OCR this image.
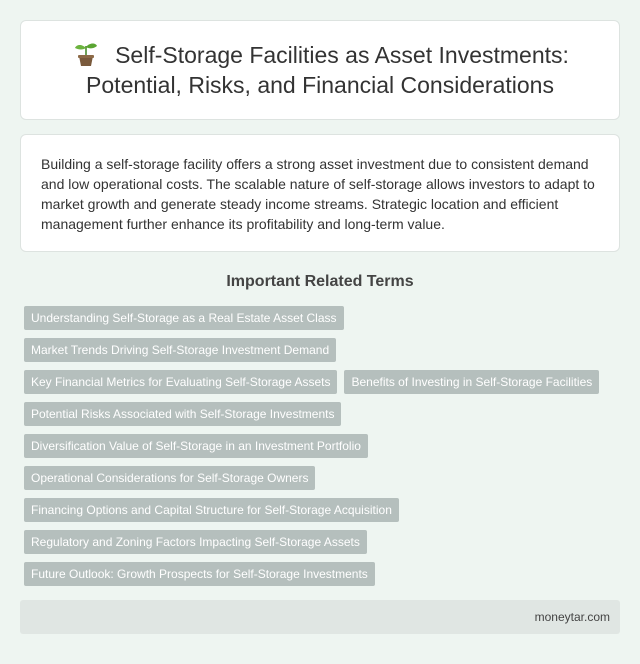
Self-Storage Facilities as Asset Investments: Potential, Risks, and Financial Considerations

Building a self-storage facility offers a strong asset investment due to consistent demand and low operational costs. The scalable nature of self-storage allows investors to adapt to market growth and generate steady income streams. Strategic location and efficient management further enhance its profitability and long-term value.

Important Related Terms
Understanding Self-Storage as a Real Estate Asset Class
Market Trends Driving Self-Storage Investment Demand
Key Financial Metrics for Evaluating Self-Storage Assets	Benefits of Investing in Self-Storage Facilities
Potential Risks Associated with Self-Storage Investments
Diversification Value of Self-Storage in an Investment Portfolio
Operational Considerations for Self-Storage Owners
Financing Options and Capital Structure for Self-Storage Acquisition
Regulatory and Zoning Factors Impacting Self-Storage Assets
Future Outlook: Growth Prospects for Self-Storage Investments
moneytar.com
